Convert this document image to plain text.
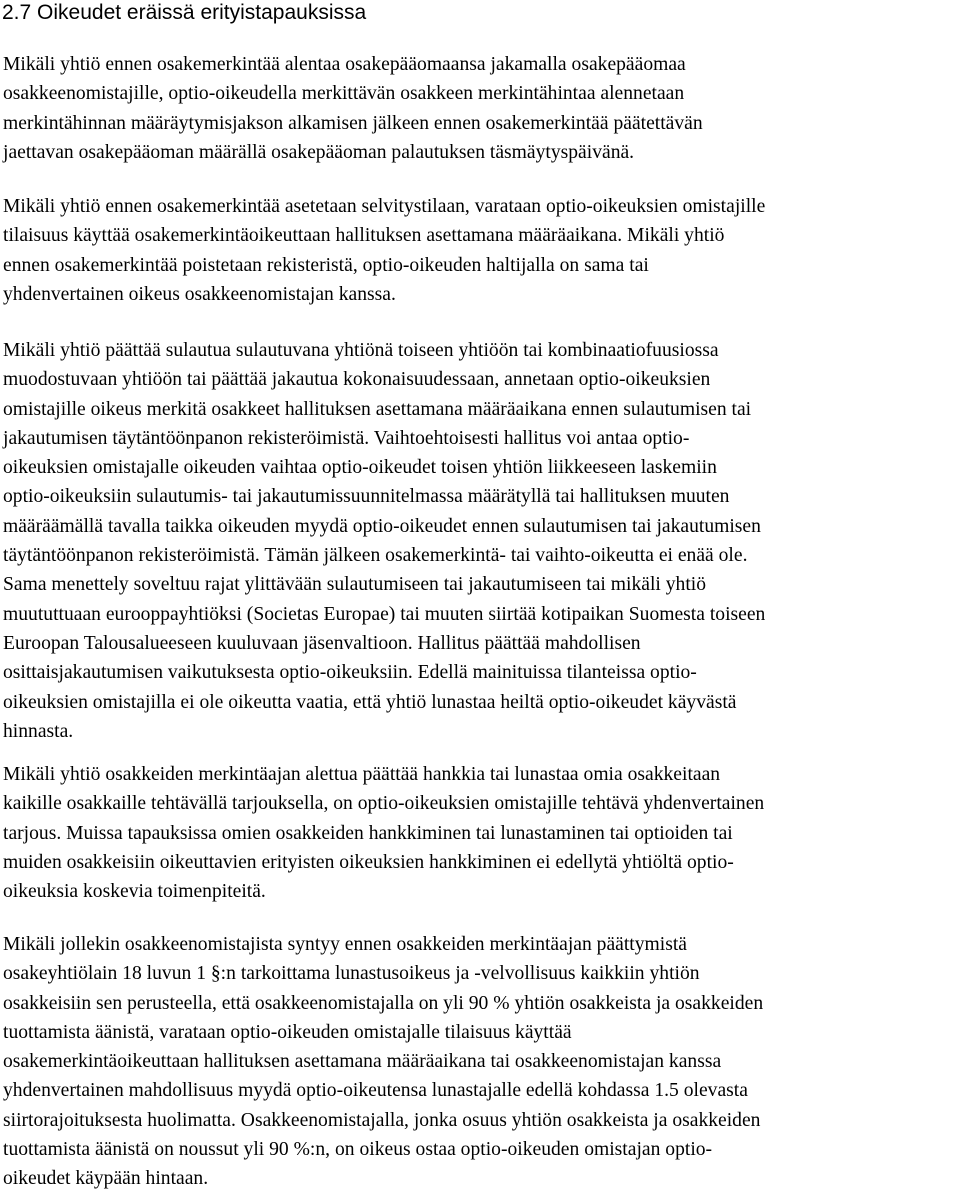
2.7 Oikeudet eräissä erityistapauksissa

Mikäli yhtiö ennen osakemerkintää alentaa osakepääomaansa jakamalla osakepääomaa
osakkeenomistajille, optio-oikeudella merkittävän osakkeen merkintähintaa alennetaan
merkintähinnan määräytymisjakson alkamisen jälkeen ennen osakemerkintää päätettävän
jaettavan osakepääoman määrällä osakepääoman palautuksen täsmäytyspäivänä.

Mikäli yhtiö ennen osakemerkintää asetetaan selvitystilaan, varataan optio-oikeuksien omistajille
tilaisuus käyttää osakemerkintäoikeuttaan hallituksen asettamana määräaikana. Mikäli yhtiö
ennen osakemerkintää poistetaan rekisteristä, optio-oikeuden haltijalla on sama tai
yhdenvertainen oikeus osakkeenomistajan kanssa.

Mikäli yhtiö päättää sulautua sulautuvana yhtiönä toiseen yhtiöön tai kombinaatiofuusiossa
muodostuvaan yhtiöön tai päättää jakautua kokonaisuudessaan, annetaan optio-oikeuksien
omistajille oikeus merkitä osakkeet hallituksen asettamana määräaikana ennen sulautumisen tai
jakautumisen täytäntöönpanon rekisteröimistä. Vaihtoehtoisesti hallitus voi antaa optio-
oikeuksien omistajalle oikeuden vaihtaa optio-oikeudet toisen yhtiön liikkeeseen laskemiin
optio-oikeuksiin sulautumis- tai jakautumissuunnitelmassa määrätyllä tai hallituksen muuten
määräämällä tavalla taikka oikeuden myydä optio-oikeudet ennen sulautumisen tai jakautumisen
täytäntöönpanon rekisteröimistä. Tämän jälkeen osakemerkintä- tai vaihto-oikeutta ei enää ole.
Sama menettely soveltuu rajat ylittävään sulautumiseen tai jakautumiseen tai mikäli yhtiö
muututtuaan eurooppayhtiöksi (Societas Europae) tai muuten siirtää kotipaikan Suomesta toiseen
Euroopan Talousalueeseen kuuluvaan jäsenvaltioon. Hallitus päättää mahdollisen
osittaisjakautumisen vaikutuksesta optio-oikeuksiin. Edellä mainituissa tilanteissa optio-
oikeuksien omistajilla ei ole oikeutta vaatia, että yhtiö lunastaa heiltä optio-oikeudet käyvästä
hinnasta.

Mikäli yhtiö osakkeiden merkintäajan alettua päättää hankkia tai lunastaa omia osakkeitaan
kaikille osakkaille tehtävällä tarjouksella, on optio-oikeuksien omistajille tehtävä yhdenvertainen
tarjous. Muissa tapauksissa omien osakkeiden hankkiminen tai lunastaminen tai optioiden tai
muiden osakkeisiin oikeuttavien erityisten oikeuksien hankkiminen ei edellytä yhtiöltä optio-
oikeuksia koskevia toimenpiteitä.

Mikäli jollekin osakkeenomistajista syntyy ennen osakkeiden merkintäajan päättymistä
osakeyhtiölain 18 luvun 1 §:n tarkoittama lunastusoikeus ja -velvollisuus kaikkiin yhtiön
osakkeisiin sen perusteella, että osakkeenomistajalla on yli 90 % yhtiön osakkeista ja osakkeiden
tuottamista äänistä, varataan optio-oikeuden omistajalle tilaisuus käyttää
osakemerkintäoikeuttaan hallituksen asettamana määräaikana tai osakkeenomistajan kanssa
yhdenvertainen mahdollisuus myydä optio-oikeutensa lunastajalle edellä kohdassa 1.5 olevasta
siirtorajoituksesta huolimatta. Osakkeenomistajalla, jonka osuus yhtiön osakkeista ja osakkeiden
tuottamista äänistä on noussut yli 90 %:n, on oikeus ostaa optio-oikeuden omistajan optio-
oikeudet käypään hintaan.
